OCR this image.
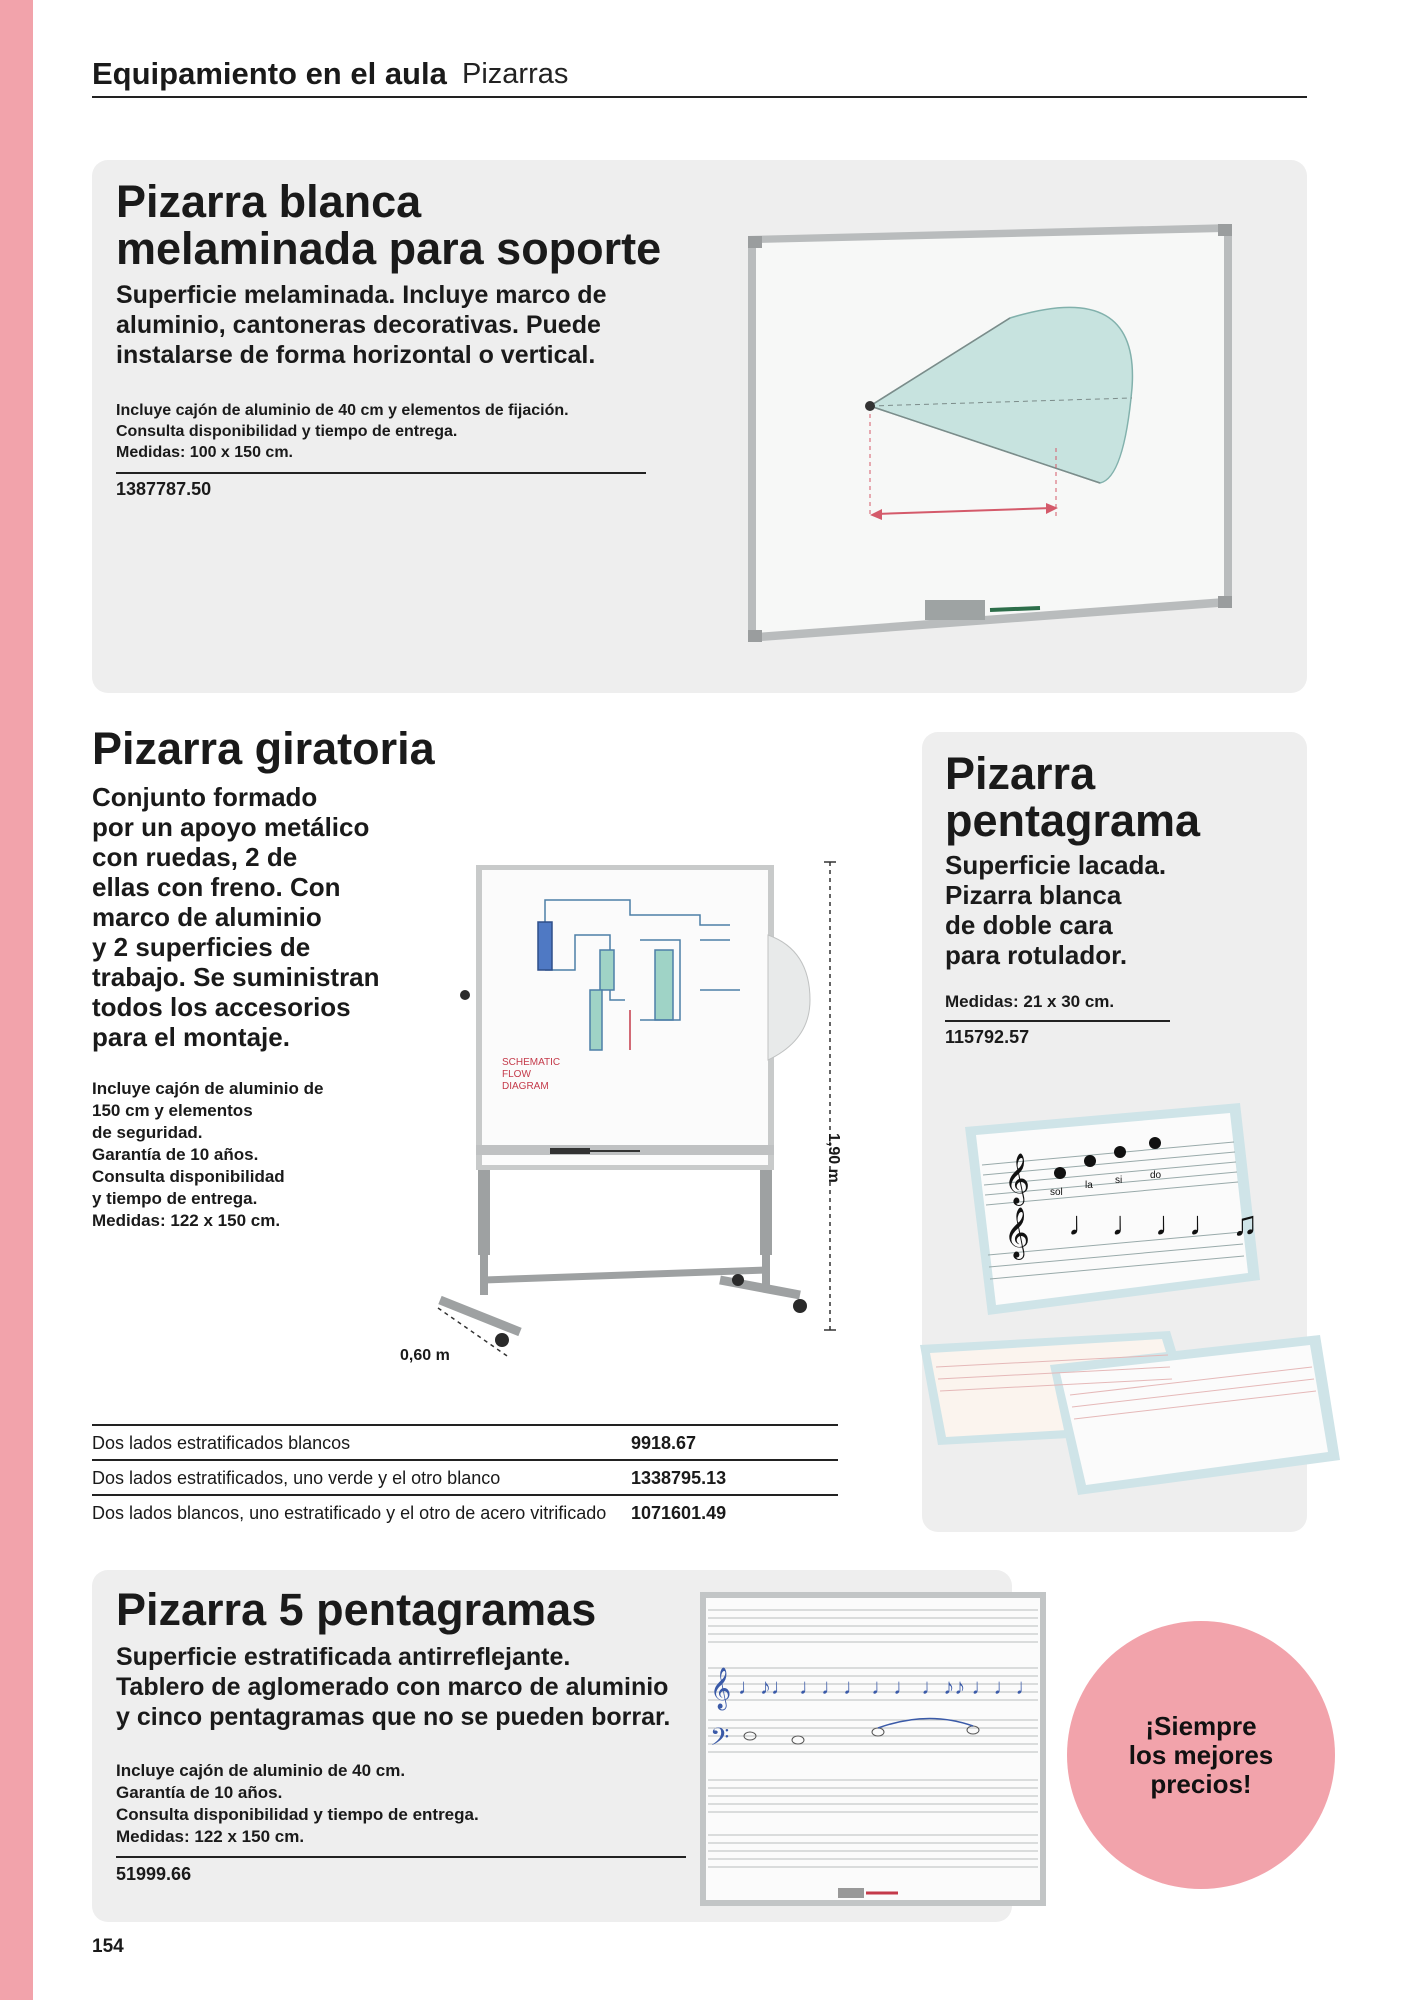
Equipamiento en el aula Pizarras
Pizarra blanca
melaminada para soporte
Superficie melaminada. Incluye marco de
aluminio, cantoneras decorativas. Puede
instalarse de forma horizontal o vertical.
Incluye cajón de aluminio de 40 cm y elementos de fijación.
Consulta disponibilidad y tiempo de entrega.
Medidas: 100 x 150 cm.
1387787.50
Pizarra giratoria
Conjunto formado
por un apoyo metálico
con ruedas, 2 de
ellas con freno. Con
marco de aluminio
y 2 superficies de
trabajo. Se suministran
todos los accesorios
para el montaje.
Incluye cajón de aluminio de
150 cm y elementos
de seguridad.
Garantía de 10 años.
Consulta disponibilidad
y tiempo de entrega.
Medidas: 122 x 150 cm.
SCHEMATIC
FLOW
DIAGRAM
1,90 m
0,60 m
Dos lados estratificados blancos	9918.67
Dos lados estratificados, uno verde y el otro blanco	1338795.13
Dos lados blancos, uno estratificado y el otro de acero vitrificado 1071601.49
Pizarra
pentagrama
Superficie lacada.
Pizarra blanca
de doble cara
para rotulador.
Medidas: 21 x 30 cm.
115792.57
𝄞
𝄞
sol
la si	do
♩ ♩ ♩♩ ♫
Pizarra 5 pentagramas
Superficie estratificada antirreflejante.
Tablero de aglomerado con marco de aluminio
y cinco pentagramas que no se pueden borrar.
Incluye cajón de aluminio de 40 cm.
Garantía de 10 años.
Consulta disponibilidad y tiempo de entrega.
Medidas: 122 x 150 cm.
51999.66
𝄞 ♩♪♩ ♩♩♩ ♩♩ ♩♪♪ ♩♩♩
𝄢	¡Siempre
los mejores
precios!
154
